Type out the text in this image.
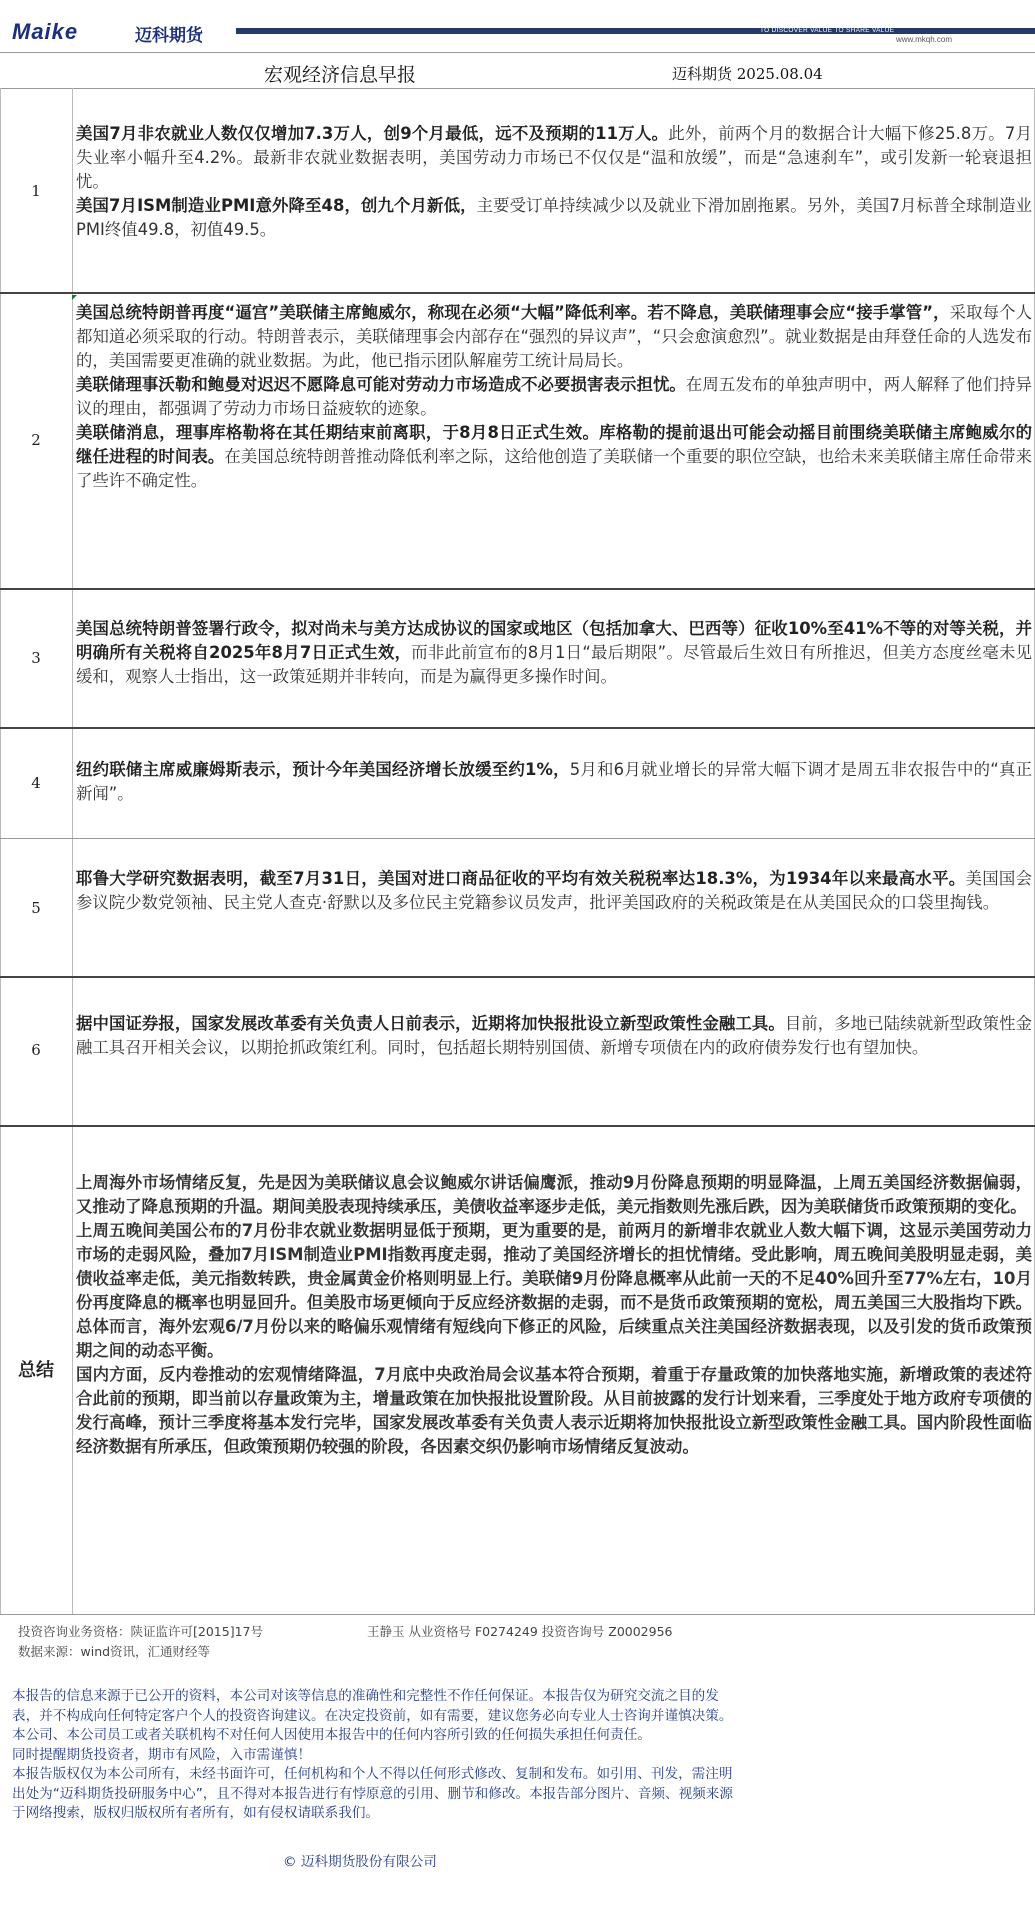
Maike	迈科期货	TO DISCOVER VALUE TO SHARE VALUE
www.mkqh.com
宏观经济信息早报	迈科期货 2025.08.04
1

美国7月非农就业人数仅仅增加7.3万人，创9个月最低，远不及预期的11万人。此外，前两个月的数据合计大幅下修25.8万。7月失业率小幅升至4.2%。最新非农就业数据表明，美国劳动力市场已不仅仅是“温和放缓”，而是“急速刹车”，或引发新一轮衰退担忧。

美国7月ISM制造业PMI意外降至48，创九个月新低，主要受订单持续减少以及就业下滑加剧拖累。另外，美国7月标普全球制造业PMI终值49.8，初值49.5。

2

美国总统特朗普再度“逼宫”美联储主席鲍威尔，称现在必须“大幅”降低利率。若不降息，美联储理事会应“接手掌管”，采取每个人都知道必须采取的行动。特朗普表示，美联储理事会内部存在“强烈的异议声”，“只会愈演愈烈”。就业数据是由拜登任命的人选发布的，美国需要更准确的就业数据。为此，他已指示团队解雇劳工统计局局长。

美联储理事沃勒和鲍曼对迟迟不愿降息可能对劳动力市场造成不必要损害表示担忧。在周五发布的单独声明中，两人解释了他们持异议的理由，都强调了劳动力市场日益疲软的迹象。

美联储消息，理事库格勒将在其任期结束前离职，于8月8日正式生效。库格勒的提前退出可能会动摇目前围绕美联储主席鲍威尔的继任进程的时间表。在美国总统特朗普推动降低利率之际，这给他创造了美联储一个重要的职位空缺，也给未来美联储主席任命带来了些许不确定性。

3

美国总统特朗普签署行政令，拟对尚未与美方达成协议的国家或地区（包括加拿大、巴西等）征收10%至41%不等的对等关税，并明确所有关税将自2025年8月7日正式生效，而非此前宣布的8月1日“最后期限”。尽管最后生效日有所推迟，但美方态度丝毫未见缓和，观察人士指出，这一政策延期并非转向，而是为赢得更多操作时间。

4

纽约联储主席威廉姆斯表示，预计今年美国经济增长放缓至约1%，5月和6月就业增长的异常大幅下调才是周五非农报告中的“真正新闻”。

5

耶鲁大学研究数据表明，截至7月31日，美国对进口商品征收的平均有效关税税率达18.3%，为1934年以来最高水平。美国国会参议院少数党领袖、民主党人查克·舒默以及多位民主党籍参议员发声，批评美国政府的关税政策是在从美国民众的口袋里掏钱。

6

据中国证券报，国家发展改革委有关负责人日前表示，近期将加快报批设立新型政策性金融工具。目前，多地已陆续就新型政策性金融工具召开相关会议，以期抢抓政策红利。同时，包括超长期特别国债、新增专项债在内的政府债券发行也有望加快。

总结

上周海外市场情绪反复，先是因为美联储议息会议鲍威尔讲话偏鹰派，推动9月份降息预期的明显降温，上周五美国经济数据偏弱，又推动了降息预期的升温。期间美股表现持续承压，美债收益率逐步走低，美元指数则先涨后跌，因为美联储货币政策预期的变化。

上周五晚间美国公布的7月份非农就业数据明显低于预期，更为重要的是，前两月的新增非农就业人数大幅下调，这显示美国劳动力市场的走弱风险，叠加7月ISM制造业PMI指数再度走弱，推动了美国经济增长的担忧情绪。受此影响，周五晚间美股明显走弱，美债收益率走低，美元指数转跌，贵金属黄金价格则明显上行。美联储9月份降息概率从此前一天的不足40%回升至77%左右，10月份再度降息的概率也明显回升。但美股市场更倾向于反应经济数据的走弱，而不是货币政策预期的宽松，周五美国三大股指均下跌。总体而言，海外宏观6/7月份以来的略偏乐观情绪有短线向下修正的风险，后续重点关注美国经济数据表现，以及引发的货币政策预期之间的动态平衡。

国内方面，反内卷推动的宏观情绪降温，7月底中央政治局会议基本符合预期，着重于存量政策的加快落地实施，新增政策的表述符合此前的预期，即当前以存量政策为主，增量政策在加快报批设置阶段。从目前披露的发行计划来看，三季度处于地方政府专项债的发行高峰，预计三季度将基本发行完毕，国家发展改革委有关负责人表示近期将加快报批设立新型政策性金融工具。国内阶段性面临经济数据有所承压，但政策预期仍较强的阶段，各因素交织仍影响市场情绪反复波动。

投资咨询业务资格：陕证监许可[2015]17号	王静玉 从业资格号 F0274249 投资咨询号 Z0002956
数据来源：wind资讯，汇通财经等

本报告的信息来源于已公开的资料，本公司对该等信息的准确性和完整性不作任何保证。本报告仅为研究交流之目的发表，并不构成向任何特定客户个人的投资咨询建议。在决定投资前，如有需要，建议您务必向专业人士咨询并谨慎决策。本公司、本公司员工或者关联机构不对任何人因使用本报告中的任何内容所引致的任何损失承担任何责任。

同时提醒期货投资者，期市有风险，入市需谨慎！

本报告版权仅为本公司所有，未经书面许可，任何机构和个人不得以任何形式修改、复制和发布。如引用、刊发，需注明出处为“迈科期货投研服务中心”，且不得对本报告进行有悖原意的引用、删节和修改。本报告部分图片、音频、视频来源于网络搜索，版权归版权所有者所有，如有侵权请联系我们。

© 迈科期货股份有限公司
